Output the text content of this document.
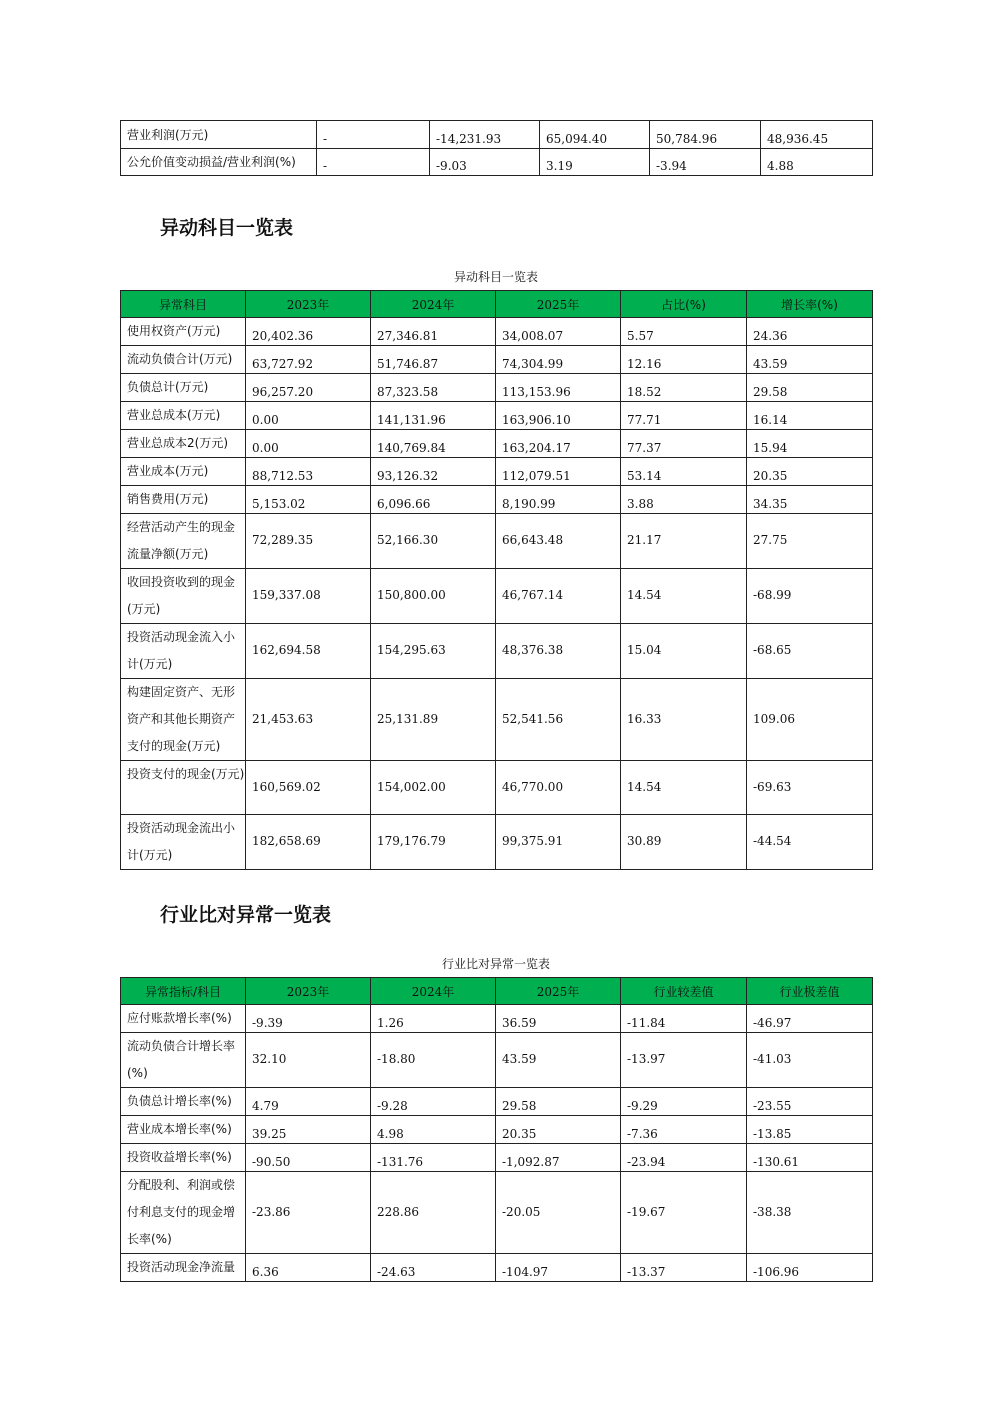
营业利润(万元)	-	-14,231.93	65,094.40	50,784.96	48,936.45
公允价值变动损益/营业利润(%)	-	-9.03	3.19	-3.94	4.88
异动科目一览表
异动科目一览表
异常科目	2023年	2024年	2025年	占比(%)	增长率(%)
使用权资产(万元)	20,402.36	27,346.81	34,008.07	5.57	24.36
流动负债合计(万元)	63,727.92	51,746.87	74,304.99	12.16	43.59
负债总计(万元)	96,257.20	87,323.58	113,153.96	18.52	29.58
营业总成本(万元)	0.00	141,131.96	163,906.10	77.71	16.14
营业总成本2(万元)	0.00	140,769.84	163,204.17	77.37	15.94
营业成本(万元)	88,712.53	93,126.32	112,079.51	53.14	20.35
销售费用(万元)	5,153.02	6,096.66	8,190.99	3.88	34.35
经营活动产生的现金流量净额(万元)	72,289.35	52,166.30	66,643.48	21.17	27.75
收回投资收到的现金(万元)	159,337.08	150,800.00	46,767.14	14.54	-68.99
投资活动现金流入小计(万元)	162,694.58	154,295.63	48,376.38	15.04	-68.65
构建固定资产、无形资产和其他长期资产支付的现金(万元)	21,453.63	25,131.89	52,541.56	16.33	109.06
投资支付的现金(万元)	160,569.02	154,002.00	46,770.00	14.54	-69.63
投资活动现金流出小计(万元)	182,658.69	179,176.79	99,375.91	30.89	-44.54
行业比对异常一览表
行业比对异常一览表
异常指标/科目	2023年	2024年	2025年	行业较差值	行业极差值
应付账款增长率(%)	-9.39	1.26	36.59	-11.84	-46.97
流动负债合计增长率(%)	32.10	-18.80	43.59	-13.97	-41.03
负债总计增长率(%)	4.79	-9.28	29.58	-9.29	-23.55
营业成本增长率(%)	39.25	4.98	20.35	-7.36	-13.85
投资收益增长率(%)	-90.50	-131.76	-1,092.87	-23.94	-130.61
分配股利、利润或偿付利息支付的现金增长率(%)	-23.86	228.86	-20.05	-19.67	-38.38
投资活动现金净流量	6.36	-24.63	-104.97	-13.37	-106.96
